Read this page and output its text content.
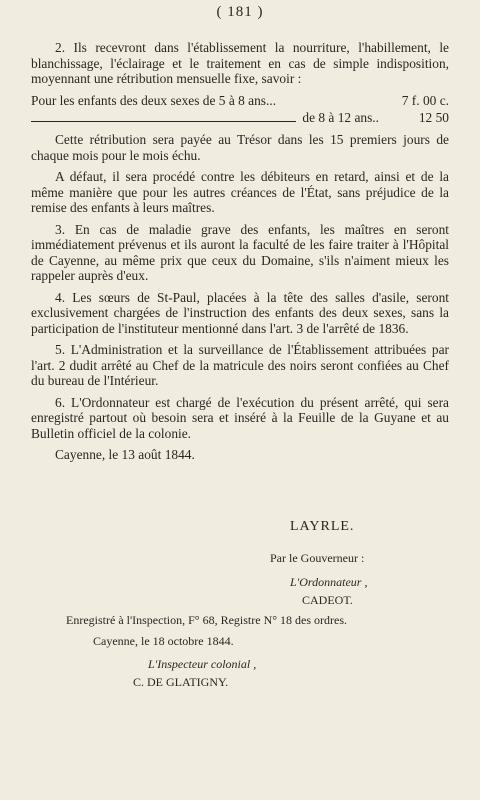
( 181 )

2. Ils recevront dans l'établissement la nourriture, l'habillement, le blanchissage, l'éclairage et le traitement en cas de simple indisposition, moyennant une rétribution mensuelle fixe, savoir :

Pour les enfants des deux sexes de 5 à 8 ans...	7 f. 00 c.
de 8 à 12 ans..	12 50

Cette rétribution sera payée au Trésor dans les 15 premiers jours de chaque mois pour le mois échu.

A défaut, il sera procédé contre les débiteurs en retard, ainsi et de la même manière que pour les autres créances de l'État, sans préjudice de la remise des enfants à leurs maîtres.

3. En cas de maladie grave des enfants, les maîtres en seront immédiatement prévenus et ils auront la faculté de les faire traiter à l'Hôpital de Cayenne, au même prix que ceux du Domaine, s'ils n'aiment mieux les rappeler auprès d'eux.

4. Les sœurs de St-Paul, placées à la tête des salles d'asile, seront exclusivement chargées de l'instruction des enfants des deux sexes, sans la participation de l'instituteur mentionné dans l'art. 3 de l'arrêté de 1836.

5. L'Administration et la surveillance de l'Établissement attribuées par l'art. 2 dudit arrêté au Chef de la matricule des noirs seront confiées au Chef du bureau de l'Intérieur.

6. L'Ordonnateur est chargé de l'exécution du présent arrêté, qui sera enregistré partout où besoin sera et inséré à la Feuille de la Guyane et au Bulletin officiel de la colonie.

Cayenne, le 13 août 1844.

LAYRLE.
Par le Gouverneur :
L'Ordonnateur ,
CADEOT.
Enregistré à l'Inspection, F° 68, Registre N° 18 des ordres.
Cayenne, le 18 octobre 1844.
L'Inspecteur colonial ,
C. DE GLATIGNY.
